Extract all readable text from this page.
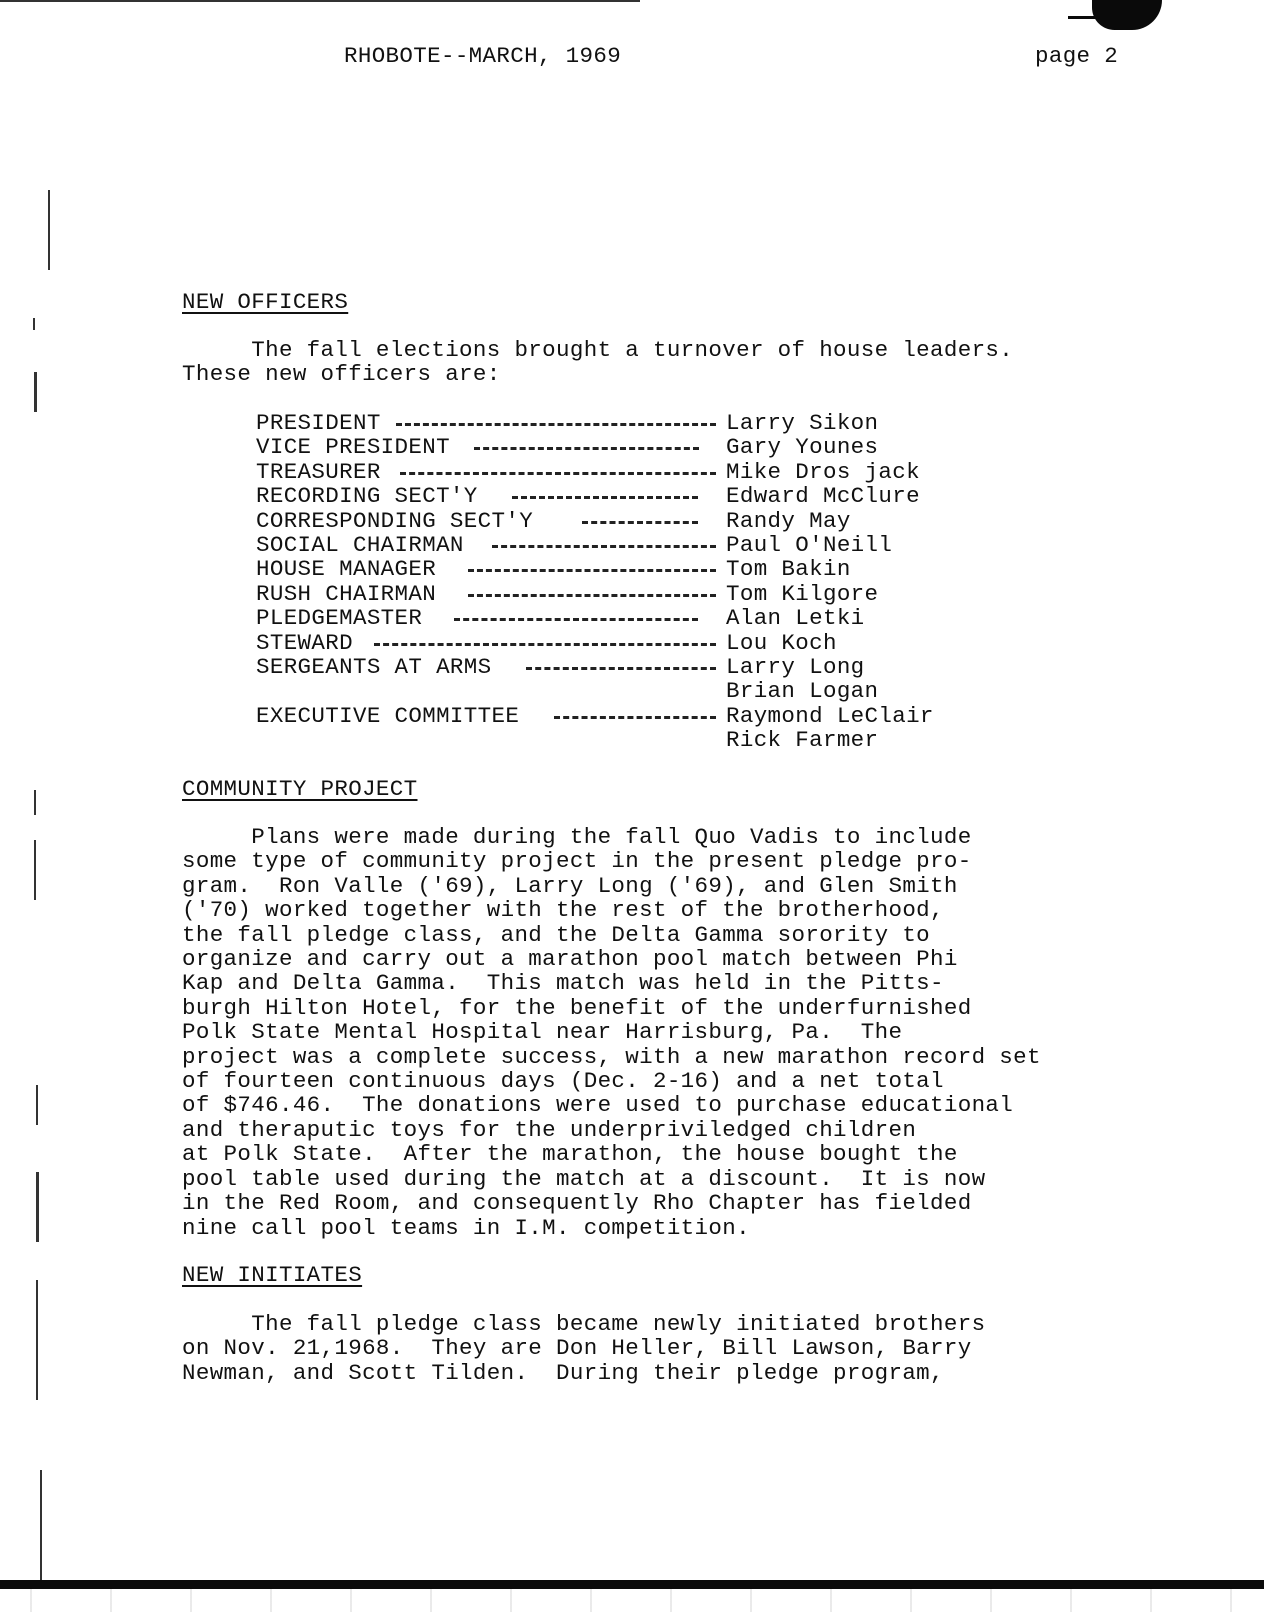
RHOBOTE--MARCH, 1969	page 2
NEW OFFICERS
The fall elections brought a turnover of house leaders.
These new officers are:
PRESIDENT	Larry Sikon
VICE PRESIDENT	Gary Younes
TREASURER	Mike Dros jack
RECORDING SECT'Y	Edward McClure
CORRESPONDING SECT'Y	Randy May
SOCIAL CHAIRMAN	Paul O'Neill
HOUSE MANAGER	Tom Bakin
RUSH CHAIRMAN	Tom Kilgore
PLEDGEMASTER	Alan Letki
STEWARD	Lou Koch
SERGEANTS AT ARMS	Larry Long
Brian Logan
EXECUTIVE COMMITTEE	Raymond LeClair
Rick Farmer
COMMUNITY PROJECT
Plans were made during the fall Quo Vadis to include
some type of community project in the present pledge pro-
gram.  Ron Valle ('69), Larry Long ('69), and Glen Smith
('70) worked together with the rest of the brotherhood,
the fall pledge class, and the Delta Gamma sorority to
organize and carry out a marathon pool match between Phi
Kap and Delta Gamma.  This match was held in the Pitts-
burgh Hilton Hotel, for the benefit of the underfurnished
Polk State Mental Hospital near Harrisburg, Pa.  The
project was a complete success, with a new marathon record set
of fourteen continuous days (Dec. 2-16) and a net total
of $746.46.  The donations were used to purchase educational
and theraputic toys for the underpriviledged children
at Polk State.  After the marathon, the house bought the
pool table used during the match at a discount.  It is now
in the Red Room, and consequently Rho Chapter has fielded
nine call pool teams in I.M. competition.
NEW INITIATES
The fall pledge class became newly initiated brothers
on Nov. 21,1968.  They are Don Heller, Bill Lawson, Barry
Newman, and Scott Tilden.  During their pledge program,
